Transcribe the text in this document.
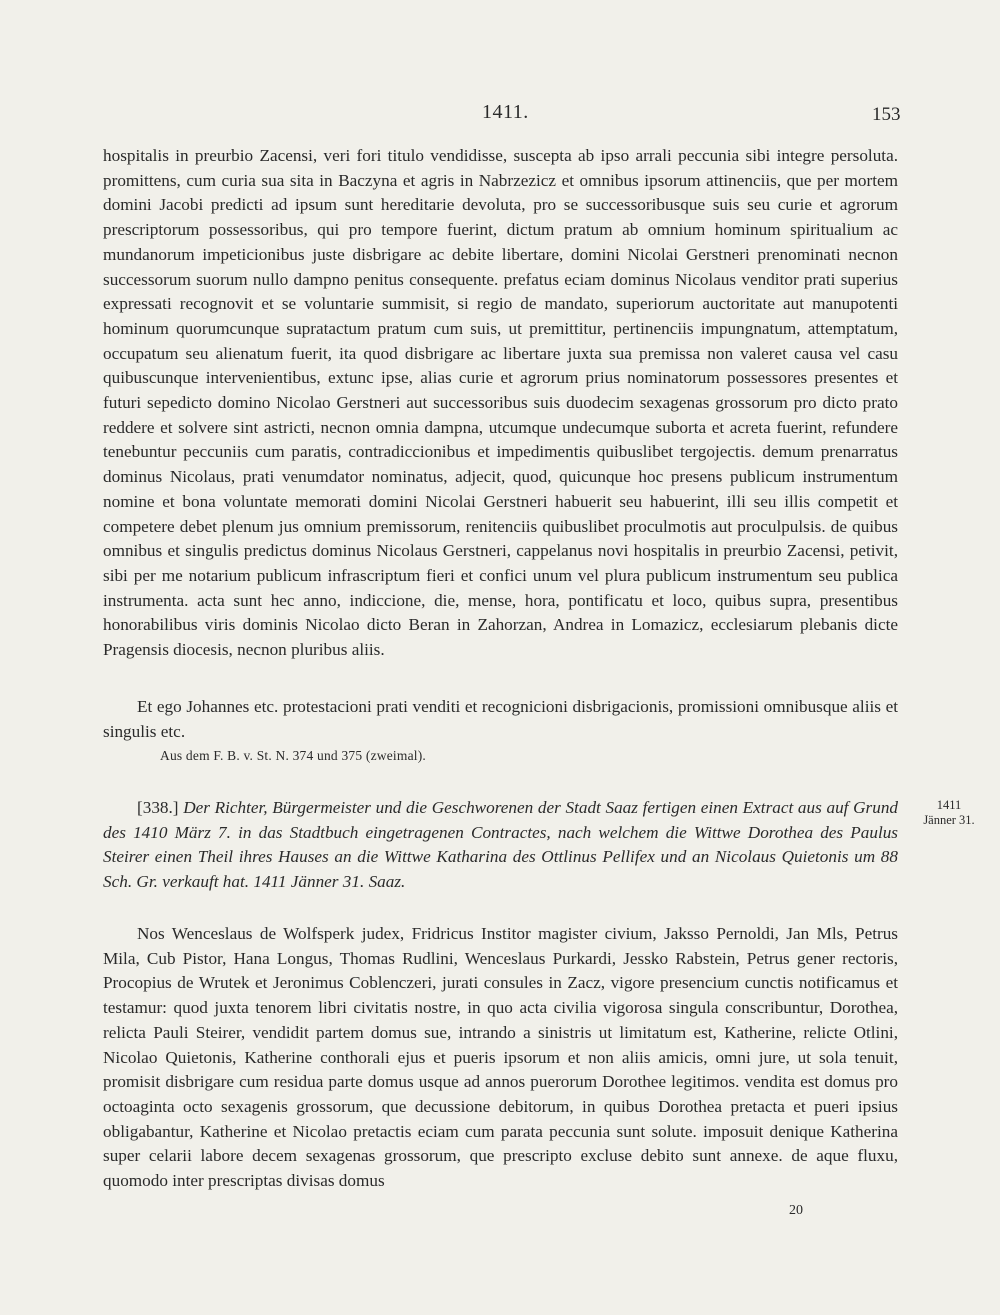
1411.	153

hospitalis in preurbio Zacensi, veri fori titulo vendidisse, suscepta ab ipso arrali peccunia sibi integre persoluta. promittens, cum curia sua sita in Baczyna et agris in Nabrzezicz et omnibus ipsorum attinenciis, que per mortem domini Jacobi predicti ad ipsum sunt hereditarie devoluta, pro se successoribusque suis seu curie et agrorum prescriptorum possessoribus, qui pro tempore fuerint, dictum pratum ab omnium hominum spiritualium ac mundanorum impeticionibus juste disbrigare ac debite libertare, domini Nicolai Gerstneri prenominati necnon successorum suorum nullo dampno penitus consequente. prefatus eciam dominus Nicolaus venditor prati superius expressati recognovit et se voluntarie summisit, si regio de mandato, superiorum auctoritate aut manupotenti hominum quorumcunque supratactum pratum cum suis, ut premittitur, pertinenciis impungnatum, attemptatum, occupatum seu alienatum fuerit, ita quod disbrigare ac libertare juxta sua premissa non valeret causa vel casu quibuscunque intervenientibus, extunc ipse, alias curie et agrorum prius nominatorum possessores presentes et futuri sepedicto domino Nicolao Gerstneri aut successoribus suis duodecim sexagenas grossorum pro dicto prato reddere et solvere sint astricti, necnon omnia dampna, utcumque undecumque suborta et acreta fuerint, refundere tenebuntur peccuniis cum paratis, contradiccionibus et impedimentis quibuslibet tergojectis. demum prenarratus dominus Nicolaus, prati venumdator nominatus, adjecit, quod, quicunque hoc presens publicum instrumentum nomine et bona voluntate memorati domini Nicolai Gerstneri habuerit seu habuerint, illi seu illis competit et competere debet plenum jus omnium premissorum, renitenciis quibuslibet proculmotis aut proculpulsis. de quibus omnibus et singulis predictus dominus Nicolaus Gerstneri, cappelanus novi hospitalis in preurbio Zacensi, petivit, sibi per me notarium publicum infrascriptum fieri et confici unum vel plura publicum instrumentum seu publica instrumenta. acta sunt hec anno, indiccione, die, mense, hora, pontificatu et loco, quibus supra, presentibus honorabilibus viris dominis Nicolao dicto Beran in Zahorzan, Andrea in Lomazicz, ecclesiarum plebanis dicte Pragensis diocesis, necnon pluribus aliis.

Et ego Johannes etc. protestacioni prati venditi et recognicioni disbrigacionis, promissioni omnibusque aliis et singulis etc.

Aus dem F. B. v. St. N. 374 und 375 (zweimal).

[338.] Der Richter, Bürgermeister und die Geschworenen der Stadt Saaz fertigen einen Extract aus auf Grund des 1410 März 7. in das Stadtbuch eingetragenen Contractes, nach welchem die Wittwe Dorothea des Paulus Steirer einen Theil ihres Hauses an die Wittwe Katharina des Ottlinus Pellifex und an Nicolaus Quietonis um 88 Sch. Gr. verkauft hat. 1411 Jänner 31. Saaz.

1411
Jänner 31.

Nos Wenceslaus de Wolfsperk judex, Fridricus Institor magister civium, Jaksso Pernoldi, Jan Mls, Petrus Mila, Cub Pistor, Hana Longus, Thomas Rudlini, Wenceslaus Purkardi, Jessko Rabstein, Petrus gener rectoris, Procopius de Wrutek et Jeronimus Coblenczeri, jurati consules in Zacz, vigore presencium cunctis notificamus et testamur: quod juxta tenorem libri civitatis nostre, in quo acta civilia vigorosa singula conscribuntur, Dorothea, relicta Pauli Steirer, vendidit partem domus sue, intrando a sinistris ut limitatum est, Katherine, relicte Otlini, Nicolao Quietonis, Katherine conthorali ejus et pueris ipsorum et non aliis amicis, omni jure, ut sola tenuit, promisit disbrigare cum residua parte domus usque ad annos puerorum Dorothee legitimos. vendita est domus pro octoaginta octo sexagenis grossorum, que decussione debitorum, in quibus Dorothea pretacta et pueri ipsius obligabantur, Katherine et Nicolao pretactis eciam cum parata peccunia sunt solute. imposuit denique Katherina super celarii labore decem sexagenas grossorum, que prescripto excluse debito sunt annexe. de aque fluxu, quomodo inter prescriptas divisas domus

20
